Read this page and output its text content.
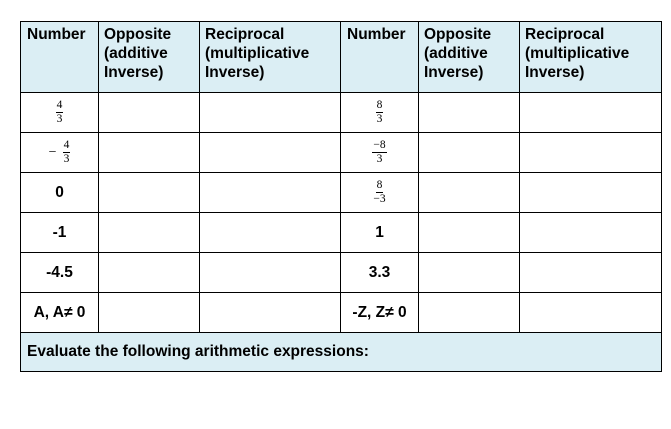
Number	Opposite
(additive
Inverse)	Reciprocal
(multiplicative
Inverse)	Number	Opposite
(additive
Inverse)	Reciprocal
(multiplicative
Inverse)

$\frac{4}{3}$			$\frac{8}{3}$

− $\frac{4}{3}$			$\frac{-8}{3}$

0			$\frac{8}{-3}$

-1			1		
-4.5			3.3		
A, A≠ 0			-Z, Z≠ 0		
Evaluate the following arithmetic expressions:					
